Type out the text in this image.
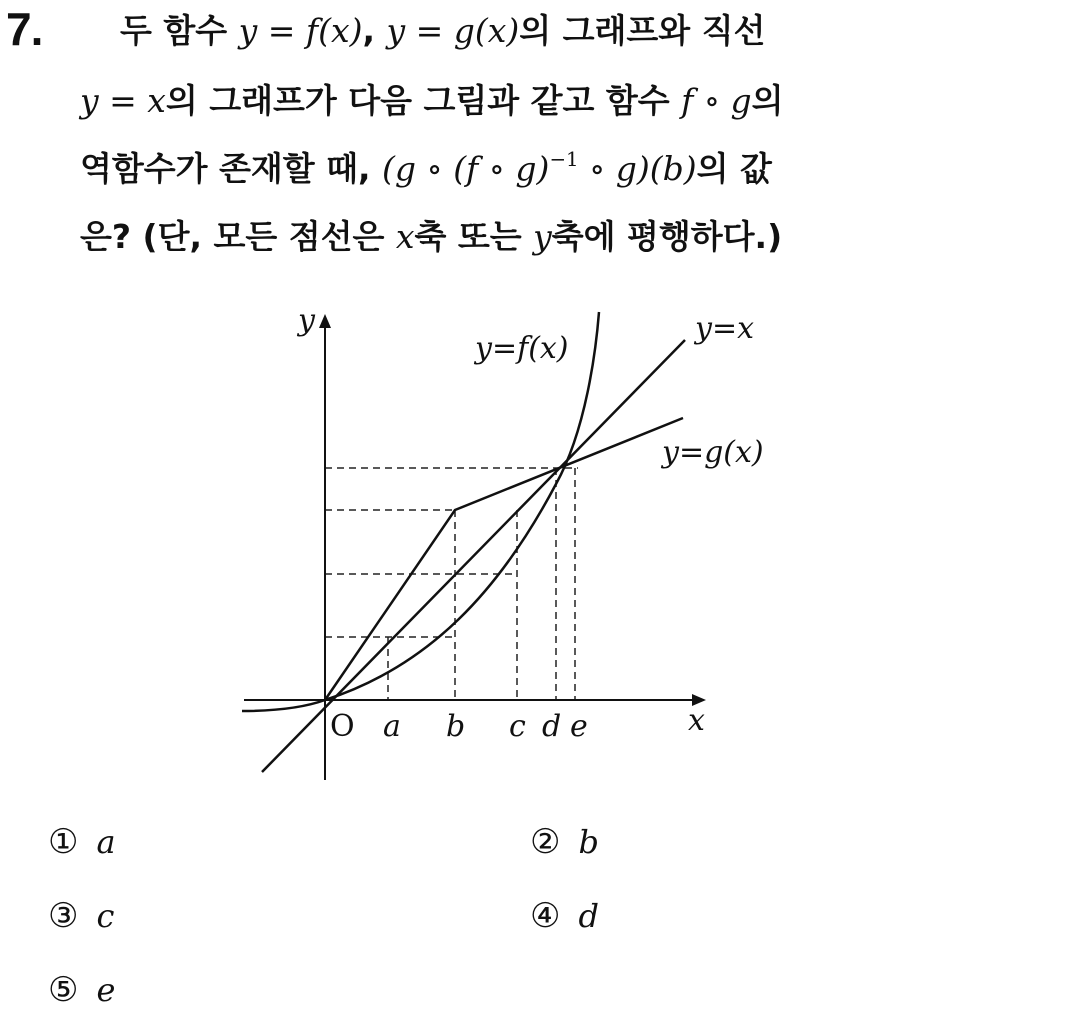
7. 두 함수 y = f(x), y = g(x)의 그래프와 직선
y = x의 그래프가 다음 그림과 같고 함수 f ∘ g의
역함수가 존재할 때, (g ∘ (f ∘ g)$^{-1}$ ∘ g)(b)의 값
은? (단, 모든 점선은 x축 또는 y축에 평행하다.)
y
x
O a b c d e
y=f(x)
y=x
y=g(x)
① a	② b
③ c	④ d
⑤ e
